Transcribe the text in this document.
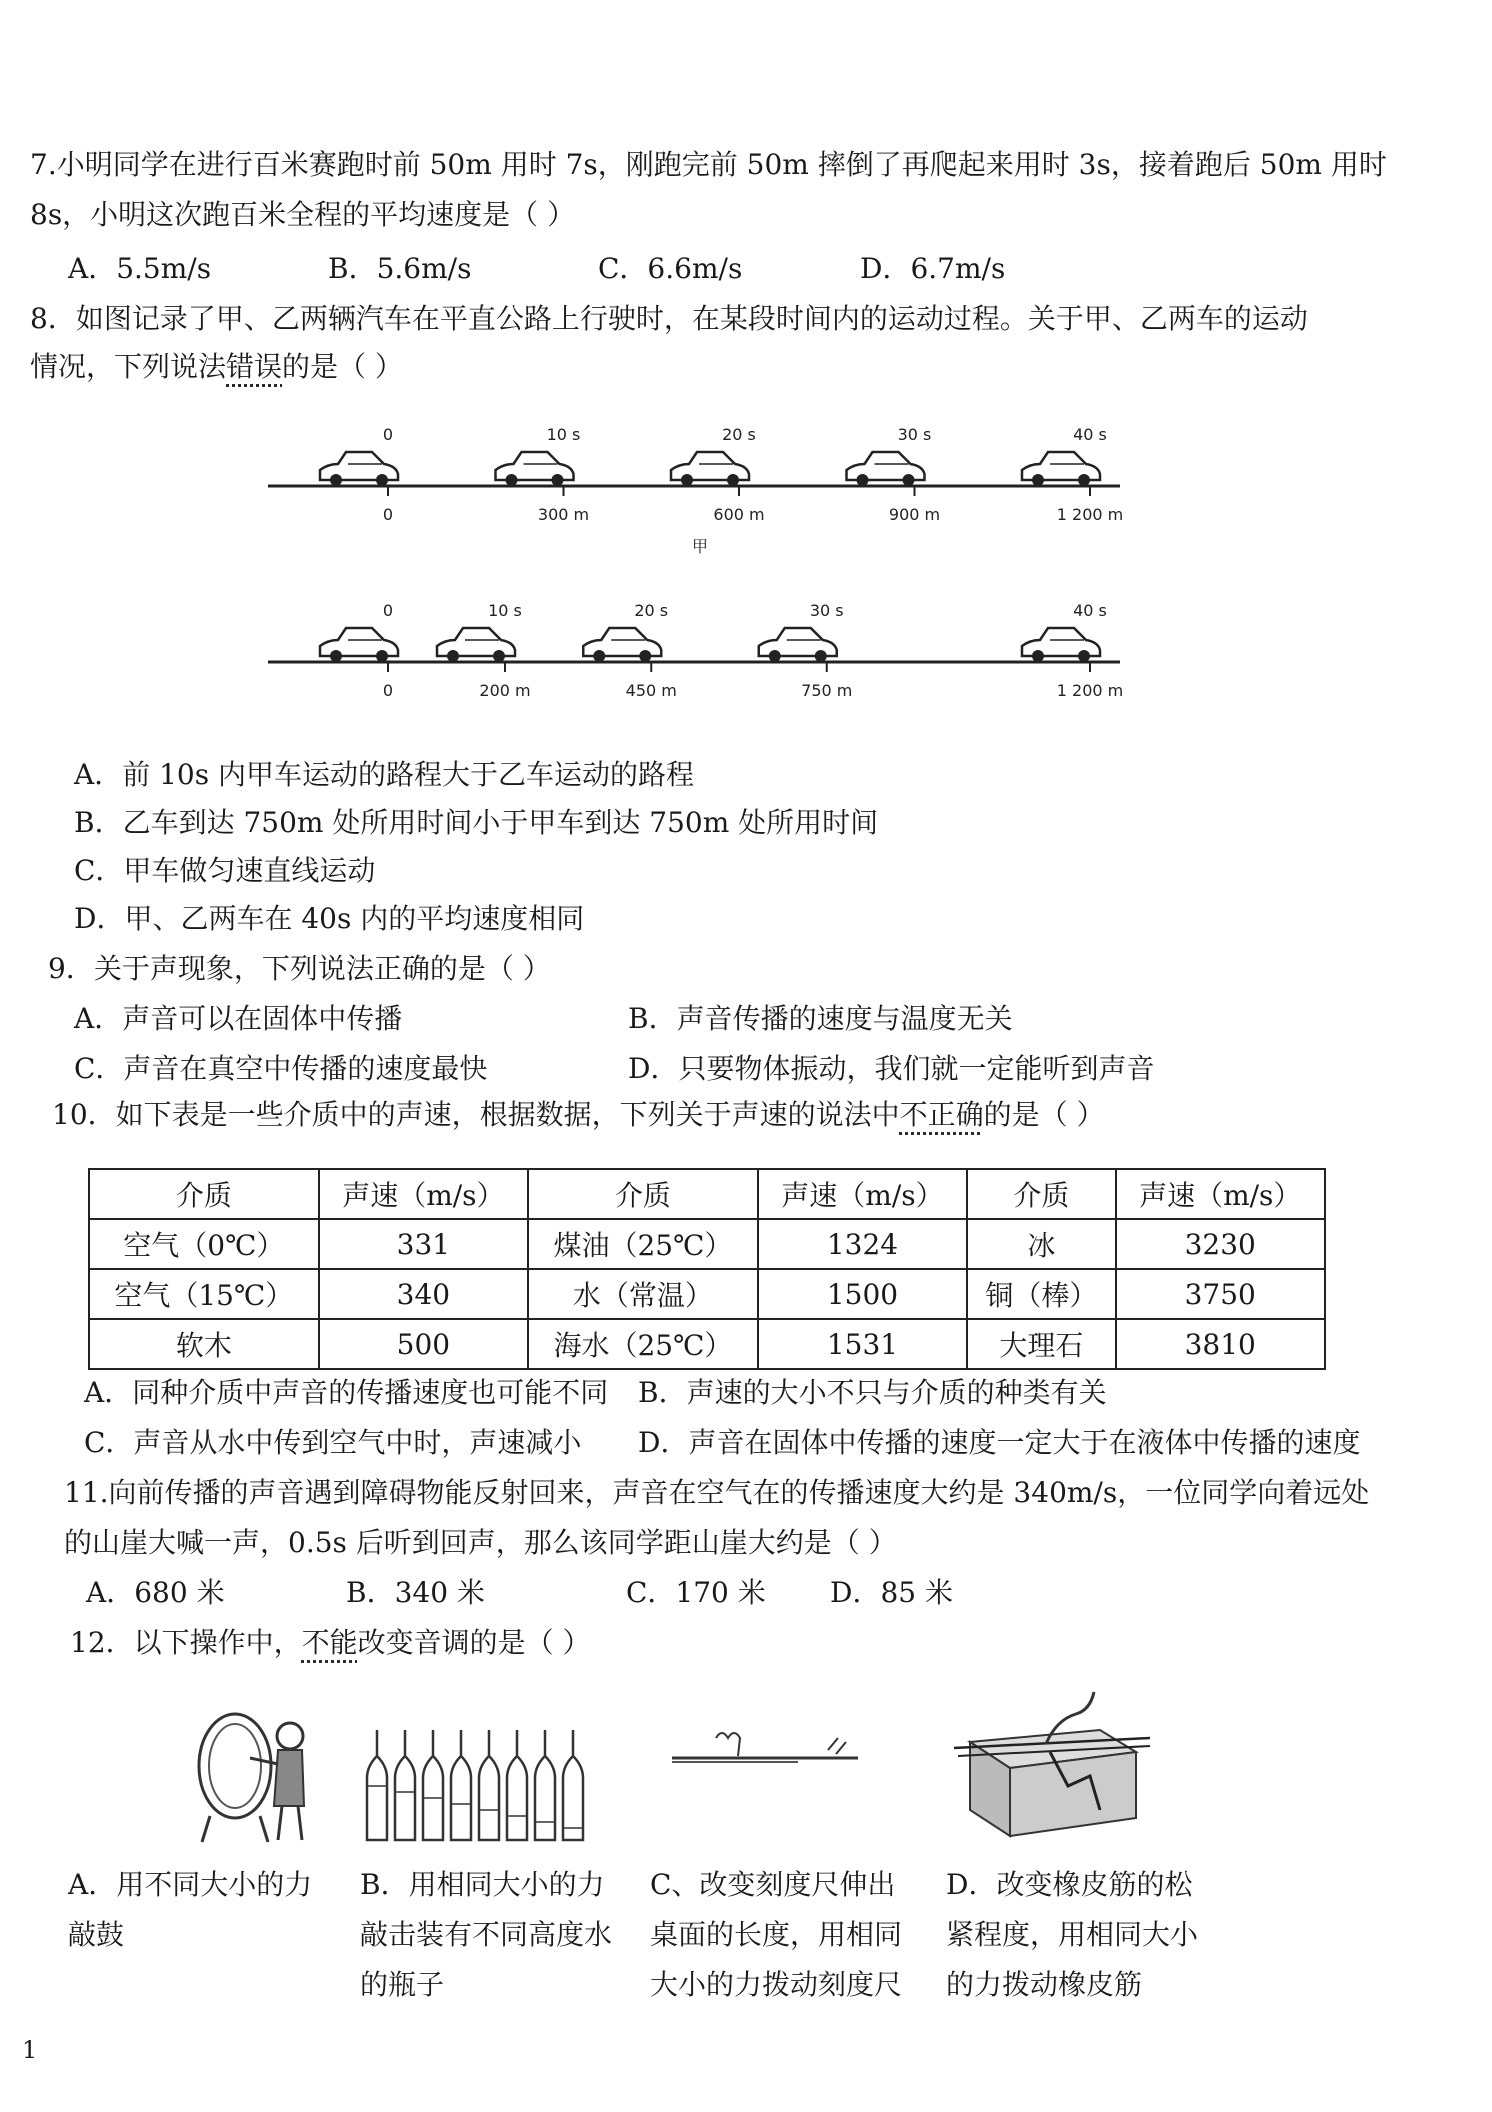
7.小明同学在进行百米赛跑时前 50m 用时 7s，刚跑完前 50m 摔倒了再爬起来用时 3s，接着跑后 50m 用时
8s，小明这次跑百米全程的平均速度是（ ）
A．5.5m/s	B．5.6m/s	C．6.6m/s	D．6.7m/s
8．如图记录了甲、乙两辆汽车在平直公路上行驶时，在某段时间内的运动过程。关于甲、乙两车的运动
情况，下列说法错误的是（ ）
0
0
10 s
300 m
20 s
600 m
30 s
900 m
40 s
1 200 m
0
0
10 s
200 m
20 s
450 m
30 s
750 m
40 s
1 200 m
甲
A．前 10s 内甲车运动的路程大于乙车运动的路程
B．乙车到达 750m 处所用时间小于甲车到达 750m 处所用时间
C．甲车做匀速直线运动
D．甲、乙两车在 40s 内的平均速度相同
9．关于声现象，下列说法正确的是（ ）
A．声音可以在固体中传播	B．声音传播的速度与温度无关
C．声音在真空中传播的速度最快	D．只要物体振动，我们就一定能听到声音
10．如下表是一些介质中的声速，根据数据，下列关于声速的说法中不正确的是（ ）
介质	声速（m/s）	介质	声速（m/s）	介质	声速（m/s）
空气（0℃）	331	煤油（25℃）	1324	冰	3230
空气（15℃）	340	水（常温）	1500	铜（棒）	3750
软木	500	海水（25℃）	1531	大理石	3810
A．同种介质中声音的传播速度也可能不同 B．声速的大小不只与介质的种类有关
C．声音从水中传到空气中时，声速减小 D．声音在固体中传播的速度一定大于在液体中传播的速度
11.向前传播的声音遇到障碍物能反射回来，声音在空气在的传播速度大约是 340m/s，一位同学向着远处
的山崖大喊一声，0.5s 后听到回声，那么该同学距山崖大约是（ ）
A．680 米	B．340 米	C．170 米 D．85 米
12．以下操作中，不能改变音调的是（ ）
A．用不同大小的力
敲鼓
B．用相同大小的力
敲击装有不同高度水
的瓶子
C、改变刻度尺伸出
桌面的长度，用相同
大小的力拨动刻度尺
D．改变橡皮筋的松
紧程度，用相同大小
的力拨动橡皮筋
1
